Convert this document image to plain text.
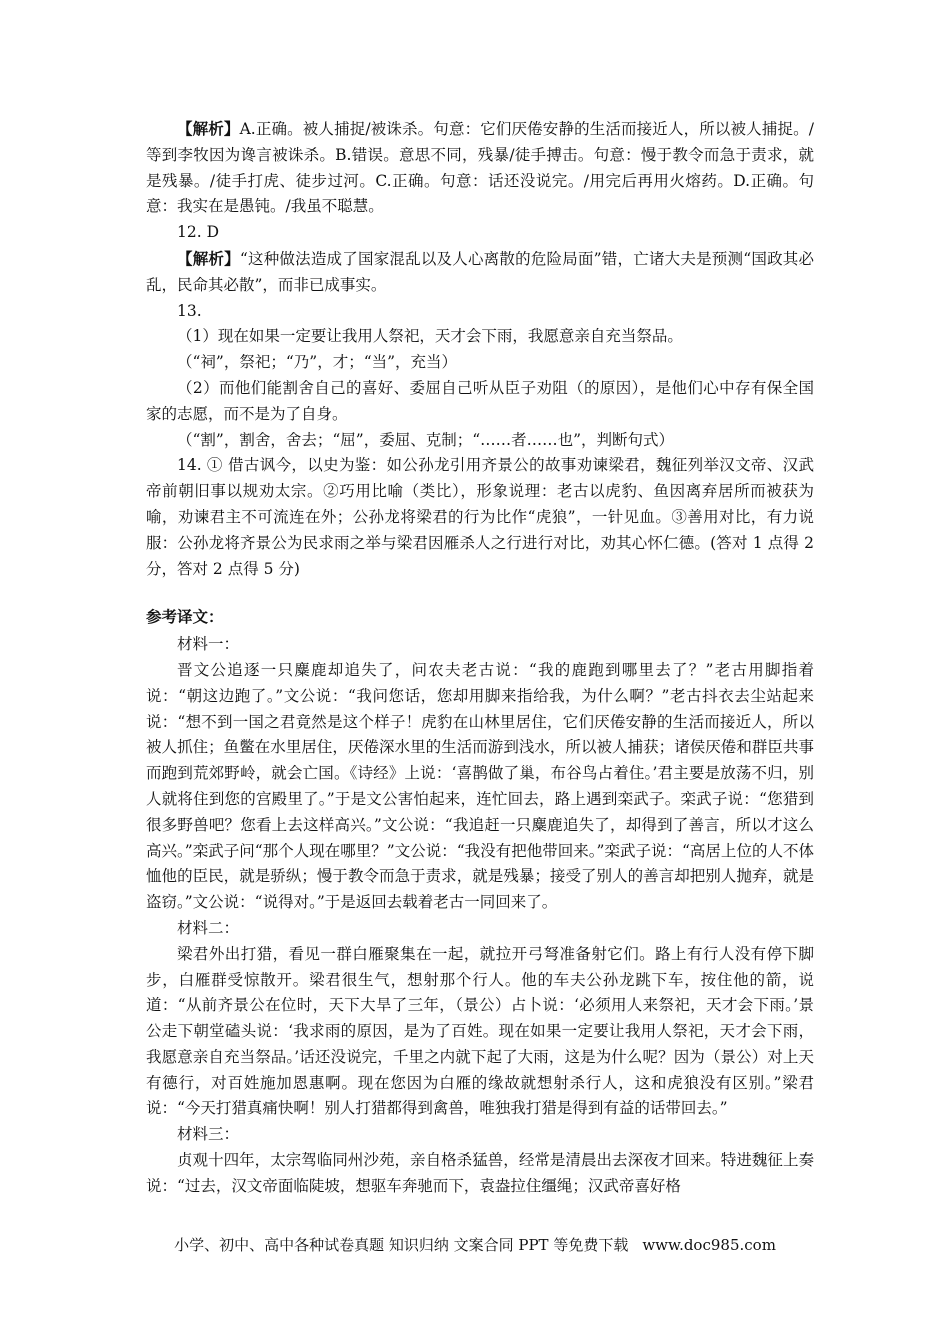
【解析】A.正确。被人捕捉/被诛杀。句意：它们厌倦安静的生活而接近人，所以被人捕捉。/等到李牧因为谗言被诛杀。B.错误。意思不同，残暴/徒手搏击。句意：慢于教令而急于责求，就是残暴。/徒手打虎、徒步过河。C.正确。句意：话还没说完。/用完后再用火熔药。D.正确。句意：我实在是愚钝。/我虽不聪慧。

12. D

【解析】“这种做法造成了国家混乱以及人心离散的危险局面”错，亡诸大夫是预测“国政其必乱，民命其必散”，而非已成事实。

13.

（1）现在如果一定要让我用人祭祀，天才会下雨，我愿意亲自充当祭品。

（“祠”，祭祀；“乃”，才；“当”，充当）

（2）而他们能割舍自己的喜好、委屈自己听从臣子劝阻（的原因），是他们心中存有保全国家的志愿，而不是为了自身。

（“割”，割舍，舍去；“屈”，委屈、克制；“……者……也”，判断句式）

14. ① 借古讽今，以史为鉴：如公孙龙引用齐景公的故事劝谏梁君，魏征列举汉文帝、汉武帝前朝旧事以规劝太宗。②巧用比喻（类比），形象说理：老古以虎豹、鱼因离弃居所而被获为喻，劝谏君主不可流连在外；公孙龙将梁君的行为比作“虎狼”，一针见血。③善用对比，有力说服：公孙龙将齐景公为民求雨之举与梁君因雁杀人之行进行对比，劝其心怀仁德。(答对 1 点得 2 分，答对 2 点得 5 分)

参考译文：

材料一：

晋文公追逐一只麋鹿却追失了，问农夫老古说：“我的鹿跑到哪里去了？”老古用脚指着说：“朝这边跑了。”文公说：“我问您话，您却用脚来指给我，为什么啊？”老古抖衣去尘站起来说：“想不到一国之君竟然是这个样子！虎豹在山林里居住，它们厌倦安静的生活而接近人，所以被人抓住；鱼鳖在水里居住，厌倦深水里的生活而游到浅水，所以被人捕获；诸侯厌倦和群臣共事而跑到荒郊野岭，就会亡国。《诗经》上说：‘喜鹊做了巢，布谷鸟占着住。’君主要是放荡不归，别人就将住到您的宫殿里了。”于是文公害怕起来，连忙回去，路上遇到栾武子。栾武子说：“您猎到很多野兽吧？您看上去这样高兴。”文公说：“我追赶一只麋鹿追失了，却得到了善言，所以才这么高兴。”栾武子问“那个人现在哪里？”文公说：“我没有把他带回来。”栾武子说：“高居上位的人不体恤他的臣民，就是骄纵；慢于教令而急于责求，就是残暴；接受了别人的善言却把别人抛弃，就是盗窃。”文公说：“说得对。”于是返回去载着老古一同回来了。

材料二：

梁君外出打猎，看见一群白雁聚集在一起，就拉开弓弩准备射它们。路上有行人没有停下脚步，白雁群受惊散开。梁君很生气，想射那个行人。他的车夫公孙龙跳下车，按住他的箭，说道：“从前齐景公在位时，天下大旱了三年，（景公）占卜说：‘必须用人来祭祀，天才会下雨。’景公走下朝堂磕头说：‘我求雨的原因，是为了百姓。现在如果一定要让我用人祭祀，天才会下雨，我愿意亲自充当祭品。’话还没说完，千里之内就下起了大雨，这是为什么呢？因为（景公）对上天有德行，对百姓施加恩惠啊。现在您因为白雁的缘故就想射杀行人，这和虎狼没有区别。”梁君说：“今天打猎真痛快啊！别人打猎都得到禽兽，唯独我打猎是得到有益的话带回去。”

材料三：

贞观十四年，太宗驾临同州沙苑，亲自格杀猛兽，经常是清晨出去深夜才回来。特进魏征上奏说：“过去，汉文帝面临陡坡，想驱车奔驰而下，袁盎拉住缰绳；汉武帝喜好格

小学、初中、高中各种试卷真题 知识归纳 文案合同 PPT 等免费下载 www.doc985.com
